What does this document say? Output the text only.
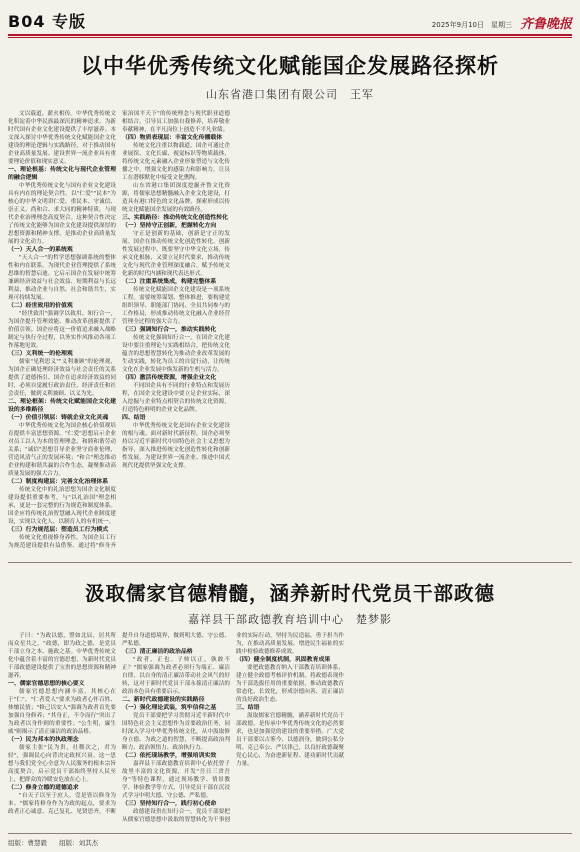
B04 专版	2025年9月10日　星期三 齐鲁晚报
以中华优秀传统文化赋能国企发展路径探析
山东省港口集团有限公司　王军

文以载道，薪火相传。中华优秀传统文化积淀着中华民族最深沉的精神追求。为新时代国有企业文化建设提供了丰厚滋养。本文深入探讨中华优秀传统文化赋能国企文化建设的理论逻辑与实践路径，对于推动国有企业高质量发展、建设世界一流企业具有重要理论价值和现实意义。

一、理论根基：传统文化与现代企业管理的融合逻辑

中华优秀传统文化与国有企业文化建设具有内在的理论契合性。以"仁爱""民本"为核心的中华文明讲仁爱、重民本、守诚信、崇正义、尚和合、求大同的精神特质，与现代企业治理理念高度契合。这种契合性决定了传统文化能够为国企文化建设提供深厚的思想资源和精神支撑，是推动企业高质量发展的文化动力。

（一）天人合一的系统观

"天人合一"的哲学思想强调系统的整体性和内在联系，为现代企业管理提供了系统思维的智慧启迪。它启示国企在发展中统筹兼顾经济效益与社会效益、短期利益与长远利益，推动企业与自然、社会和谐共生，实现可持续发展。

（二）经世致用的价值观

"经世致用"强调学以致用、知行合一，为国企提升管理效能、推动改革创新提供了价值引领。国企应将这一价值追求融入战略制定与执行全过程，以务实作风推动各项工作落地见效。

（三）义利统一的伦理观

儒家"见利思义""义利兼顾"的伦理观，为国企正确处理经济效益与社会责任的关系提供了道德指引。国企在追求经济效益的同时，必须自觉履行政治责任、经济责任和社会责任，做到义利兼顾、以义为先。

二、理论框架：传统文化赋能国企文化建设的多维路径
（一）价值引领层：铸就企业文化灵魂

中华优秀传统文化为国企核心价值观培育提供丰富思想资源。"仁爱"思想启示企业对员工以人为本的管理理念，和睦和谐劳动关系；"诚信"思想引导企业坚守商业伦理，营造风清气正的发展环境；"和合"理念推动企业构建和谐共赢的合作生态，凝聚推动高质量发展的强大合力。

（二）制度构建层：完善文化治理体系

传统文化中的礼治思想为国企文化制度建设提供重要参考。与"以礼治国"理念相承，更是一套完整的行为规范和制度体系。国企应将传统礼治智慧融入现代企业制度建设，实现以文化人、以制育人的有机统一。

（三）行为规范层：塑造员工行为模式

传统文化重视修身养性，为国企员工行为规范建设提供有益借鉴。通过将"修身齐家治国平天下"的传统理念与现代职业道德相结合，引导员工加强自我修养，培养敬业奉献精神，在平凡岗位上创造不平凡业绩。

（四）物质表现层：丰富文化传播载体

传统文化注重以物载道，国企可通过企业展馆、文化长廊、视觉标识等物质载体，将传统文化元素融入企业形象塑造与文化传播之中，增强文化的感染力和影响力，让员工在潜移默化中接受文化熏陶。

山东省港口集团深度挖掘齐鲁文化资源，将儒家思想精髓融入企业文化建设，打造具有港口特色的文化品牌，探索形成以传统文化赋能国企发展的有效路径。

三、实践路径：推动传统文化创造性转化
（一）坚持守正创新，把握转化方向

守正是创新的基础，创新是守正的发展。国企在推动传统文化创造性转化、创新性发展过程中，既要坚守中华文化立场，传承文化根脉，又要立足时代要求，推动传统文化与现代企业管理深度融合，赋予传统文化新的时代内涵和现代表达形式。

（二）注重系统集成，构建完整体系

传统文化赋能国企文化建设是一项系统工程。需要统筹谋划、整体推进，要构建党组织领导、职能部门协同、全员共同参与的工作格局，形成推动传统文化融入企业经营管理全过程的强大合力。

（三）强调知行合一，推动实践转化

传统文化强调知行合一，在国企文化建设中要注重理论与实践相结合，把传统文化蕴含的思想智慧转化为推动企业改革发展的生动实践，转化为员工的自觉行动，让传统文化在企业发展中焕发新的生机与活力。

（四）激活传统资源，增强企业文化

不同国企具有不同的行业特点和发展历程，在国企文化建设中要立足企业实际，深入挖掘与企业特点相契合的传统文化资源，打造特色鲜明的企业文化品牌。

四、结语

中华优秀传统文化是国有企业文化建设的根与魂。面对新时代新征程，国企必须坚持以习近平新时代中国特色社会主义思想为指导，深入推进传统文化创造性转化和创新性发展，为建设世界一流企业、推进中国式现代化提供坚强文化支撑。

汲取儒家官德精髓，涵养新时代党员干部政德
嘉祥县干部政德教育培训中心　楚梦影

子曰："为政以德，譬如北辰，居其所而众星共之。"政德，即为政之德，是党员干部立身之本、施政之基。中华优秀传统文化中蕴含着丰富的官德思想，为新时代党员干部政德建设提供了宝贵的思想资源和精神滋养。

一、儒家官德思想的核心要义

儒家官德思想内涵丰富，其核心在于"仁"。"仁者爱人"要求为政者心怀百姓、体恤民情；"修己以安人"强调为政者首先要加强自身修养；"其身正，不令而行"突出了为政者以身作则的重要性；"公生明，廉生威"则揭示了清正廉洁的政治品格。

（一）民为邦本的执政理念

儒家主张"民为贵，社稷次之，君为轻"，强调民心向背决定政权兴衰。这一思想与我们党全心全意为人民服务的根本宗旨高度契合，启示党员干部始终坚持人民至上，把群众的冷暖安危放在心上。

（二）修身立德的道德追求

"自天子以至于庶人，壹是皆以修身为本。"儒家将修身作为为政的起点，要求为政者正心诚意、克己复礼、见贤思齐，不断提升自身道德境界，做到明大德、守公德、严私德。

（三）清正廉洁的政治品格

"政者，正也。子帅以正，孰敢不正？"儒家强调为政者必须行为端正、廉洁自律，以自身的清正廉洁带动社会风气的好转，这对于新时代党员干部永葆清正廉洁的政治本色具有重要启示。

二、新时代政德建设的实践路径
（一）强化理论武装，筑牢信仰之基

党员干部要把学习贯彻习近平新时代中国特色社会主义思想作为首要政治任务，同时深入学习中华优秀传统文化，从中汲取修身立德、为政之道的智慧，不断提高政治判断力、政治领悟力、政治执行力。

（二）依托现场教学，增强培训实效

嘉祥县干部政德教育培训中心依托曾子故里丰富的文化资源，开发"吾日三省吾身"等特色课程，通过现场教学、情景教学、体验教学等方式，引导党员干部在沉浸式学习中明大德、守公德、严私德。

（三）坚持知行合一，践行初心使命

政德建设贵在知行合一。党员干部要把从儒家官德思想中汲取的智慧转化为干事创业的实际行动，坚持为民造福，勇于担当作为，在推动高质量发展、增进民生福祉的实践中检验政德修养成效。

（四）健全制度机制，巩固教育成果

要把政德教育纳入干部教育培训体系，建立健全政德考核评价机制，将政德表现作为干部选拔任用的重要依据，推动政德教育常态化、长效化，形成崇德向善、清正廉洁的良好政治生态。

三、结语

汲取儒家官德精髓，涵养新时代党员干部政德，是传承中华优秀传统文化的必然要求，也是加强党的建设的重要举措。广大党员干部要以古鉴今、以德润身，做到公私分明、克己奉公、严以律己，以良好政德凝聚党心民心，为奋进新征程、建功新时代贡献力量。

组版：曹慧毅 组版：刘其杰
